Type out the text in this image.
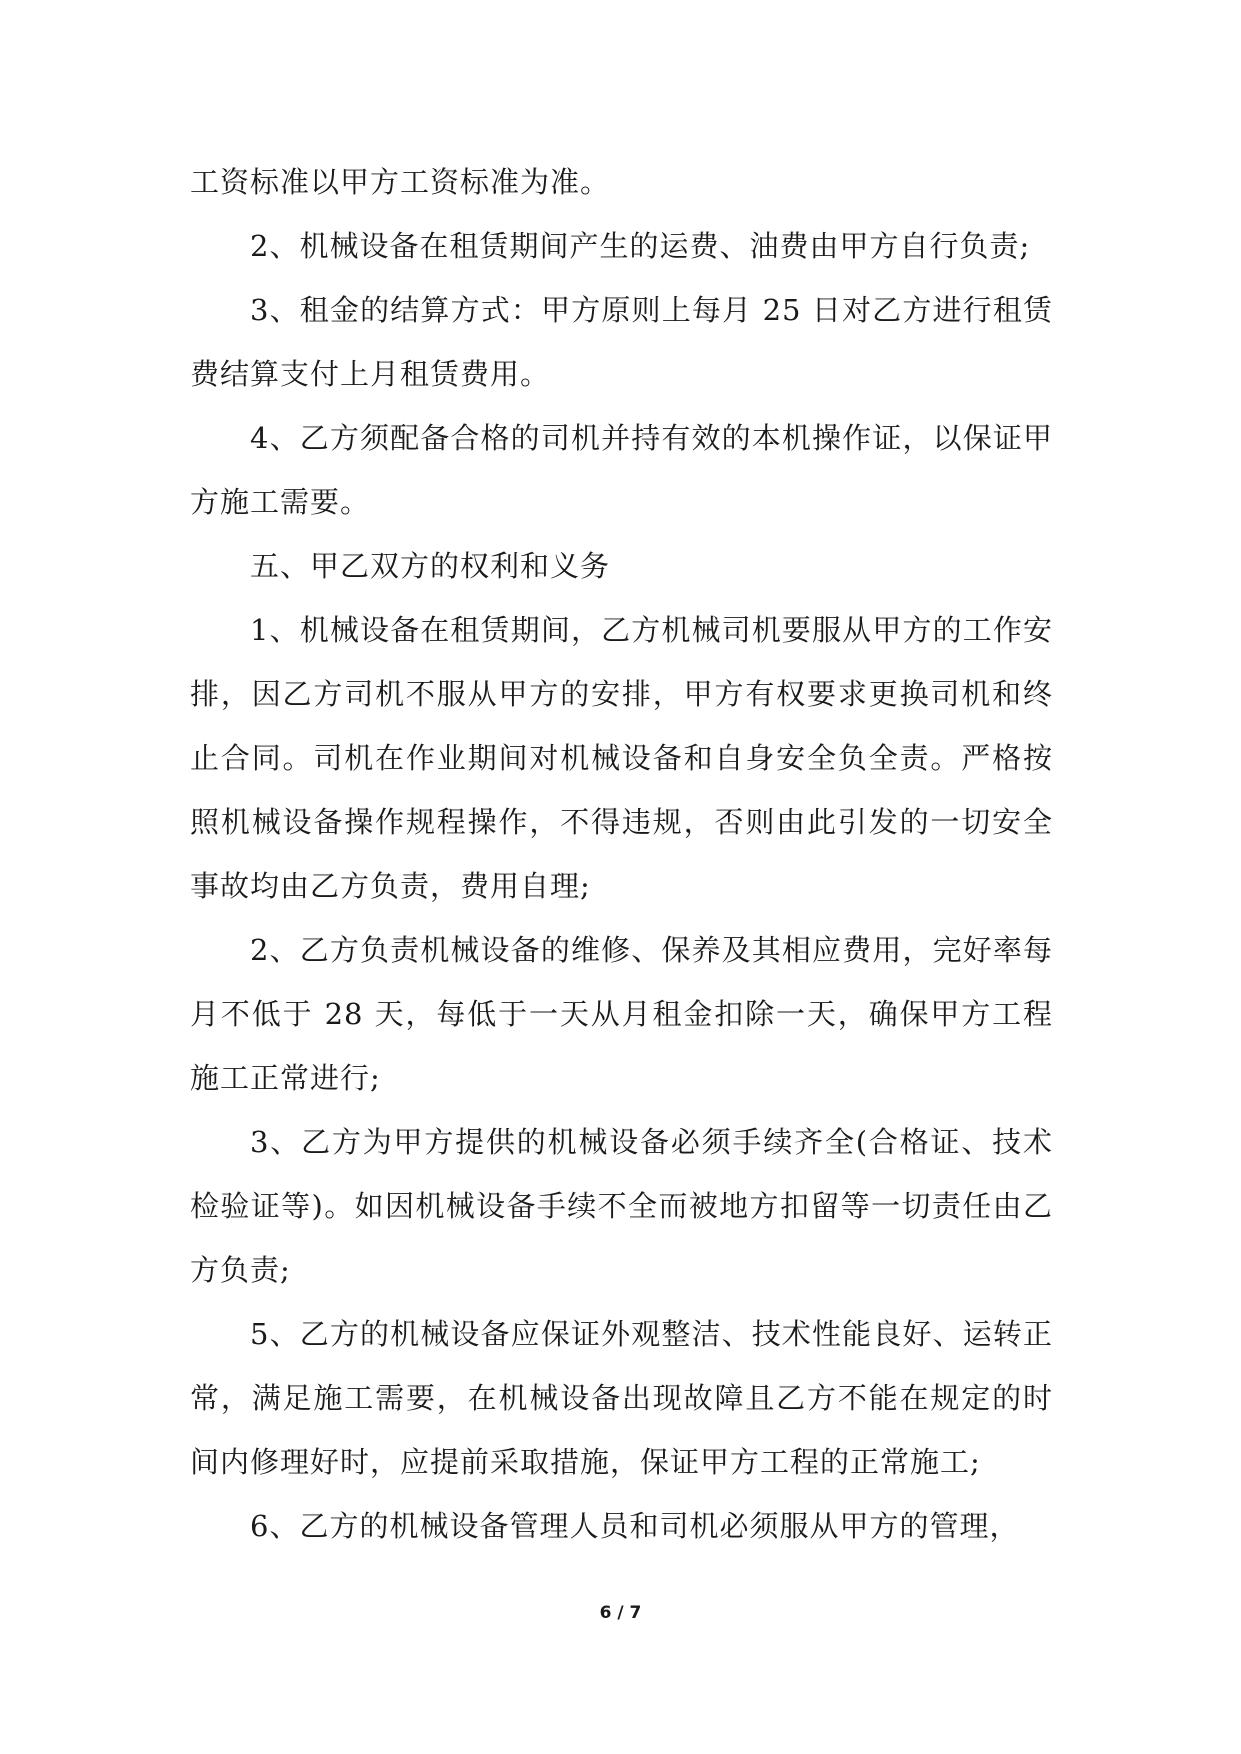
工资标准以甲方工资标准为准。

2、机械设备在租赁期间产生的运费、油费由甲方自行负责;

3、租金的结算方式：甲方原则上每月 25 日对乙方进行租赁费结算支付上月租赁费用。

4、乙方须配备合格的司机并持有效的本机操作证，以保证甲方施工需要。

五、甲乙双方的权利和义务

1、机械设备在租赁期间，乙方机械司机要服从甲方的工作安排，因乙方司机不服从甲方的安排，甲方有权要求更换司机和终止合同。司机在作业期间对机械设备和自身安全负全责。严格按照机械设备操作规程操作，不得违规，否则由此引发的一切安全事故均由乙方负责，费用自理;

2、乙方负责机械设备的维修、保养及其相应费用，完好率每月不低于 28 天，每低于一天从月租金扣除一天，确保甲方工程施工正常进行;

3、乙方为甲方提供的机械设备必须手续齐全(合格证、技术检验证等)。如因机械设备手续不全而被地方扣留等一切责任由乙方负责;

5、乙方的机械设备应保证外观整洁、技术性能良好、运转正常，满足施工需要，在机械设备出现故障且乙方不能在规定的时间内修理好时，应提前采取措施，保证甲方工程的正常施工;

6、乙方的机械设备管理人员和司机必须服从甲方的管理，

6 / 7
